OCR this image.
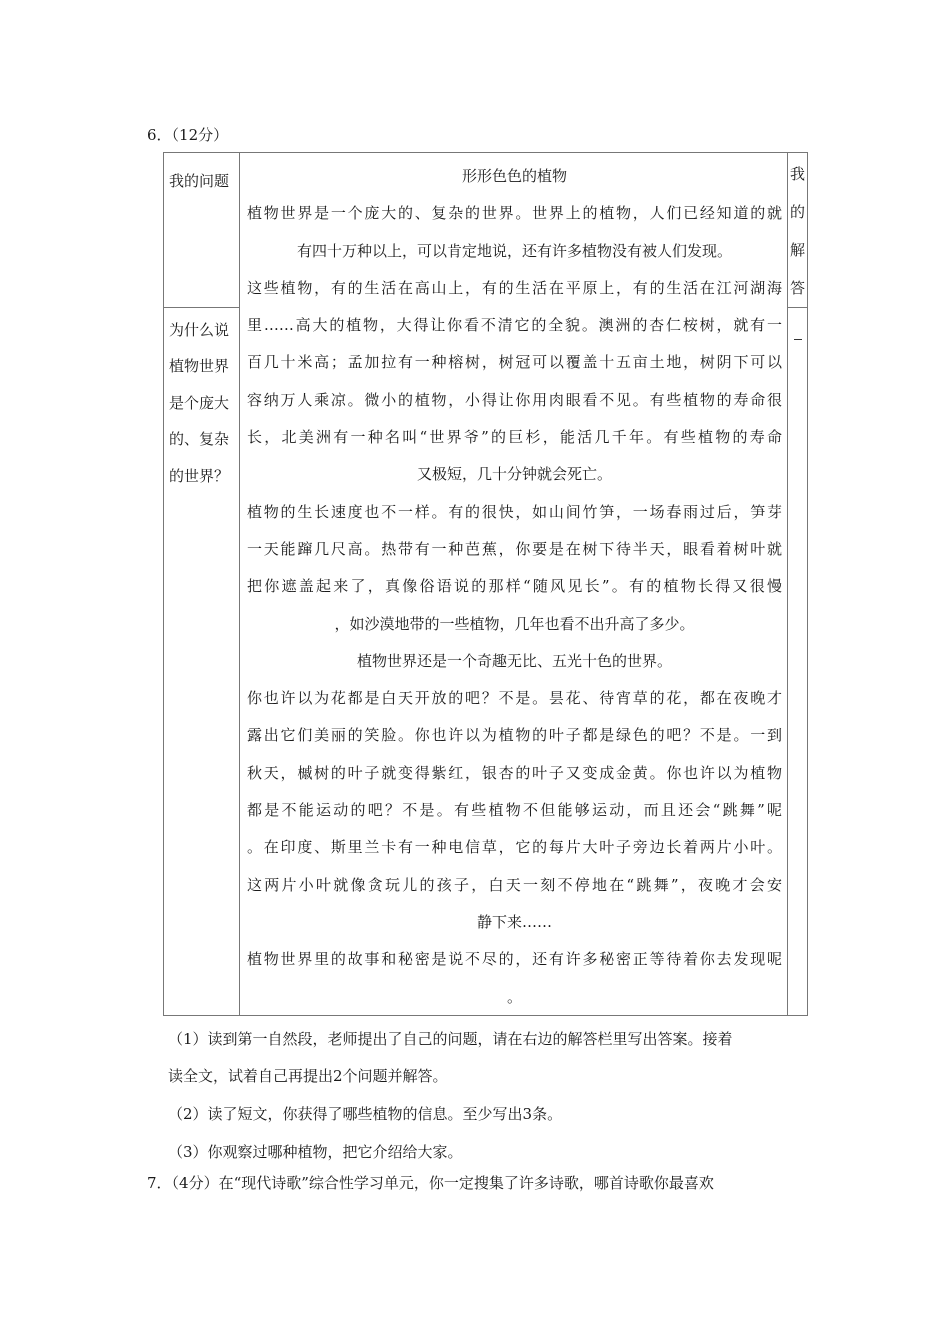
6．（12分）
我的问题
为什么说
植物世界
是个庞大
的、复杂
的世界？

形形色色的植物

植物世界是一个庞大的、复杂的世界。世界上的植物，人们已经知道的就

有四十万种以上，可以肯定地说，还有许多植物没有被人们发现。

这些植物，有的生活在高山上，有的生活在平原上，有的生活在江河湖海

里……高大的植物，大得让你看不清它的全貌。澳洲的杏仁桉树，就有一

百几十米高；孟加拉有一种榕树，树冠可以覆盖十五亩土地，树阴下可以

容纳万人乘凉。微小的植物，小得让你用肉眼看不见。有些植物的寿命很

长，北美洲有一种名叫“世界爷”的巨杉，能活几千年。有些植物的寿命

又极短，几十分钟就会死亡。

植物的生长速度也不一样。有的很快，如山间竹笋，一场春雨过后，笋芽

一天能蹿几尺高。热带有一种芭蕉，你要是在树下待半天，眼看着树叶就

把你遮盖起来了，真像俗语说的那样“随风见长”。有的植物长得又很慢

，如沙漠地带的一些植物，几年也看不出升高了多少。

植物世界还是一个奇趣无比、五光十色的世界。

你也许以为花都是白天开放的吧？不是。昙花、待宵草的花，都在夜晚才

露出它们美丽的笑脸。你也许以为植物的叶子都是绿色的吧？不是。一到

秋天，槭树的叶子就变得紫红，银杏的叶子又变成金黄。你也许以为植物

都是不能运动的吧？不是。有些植物不但能够运动，而且还会“跳舞”呢

。在印度、斯里兰卡有一种电信草，它的每片大叶子旁边长着两片小叶。

这两片小叶就像贪玩儿的孩子，白天一刻不停地在“跳舞”，夜晚才会安

静下来……

植物世界里的故事和秘密是说不尽的，还有许多秘密正等待着你去发现呢

。

我
的
解
答
（1）读到第一自然段，老师提出了自己的问题，请在右边的解答栏里写出答案。接着
读全文，试着自己再提出2个问题并解答。
（2）读了短文，你获得了哪些植物的信息。至少写出3条。
（3）你观察过哪种植物，把它介绍给大家。
7．（4分）在“现代诗歌”综合性学习单元，你一定搜集了许多诗歌，哪首诗歌你最喜欢
